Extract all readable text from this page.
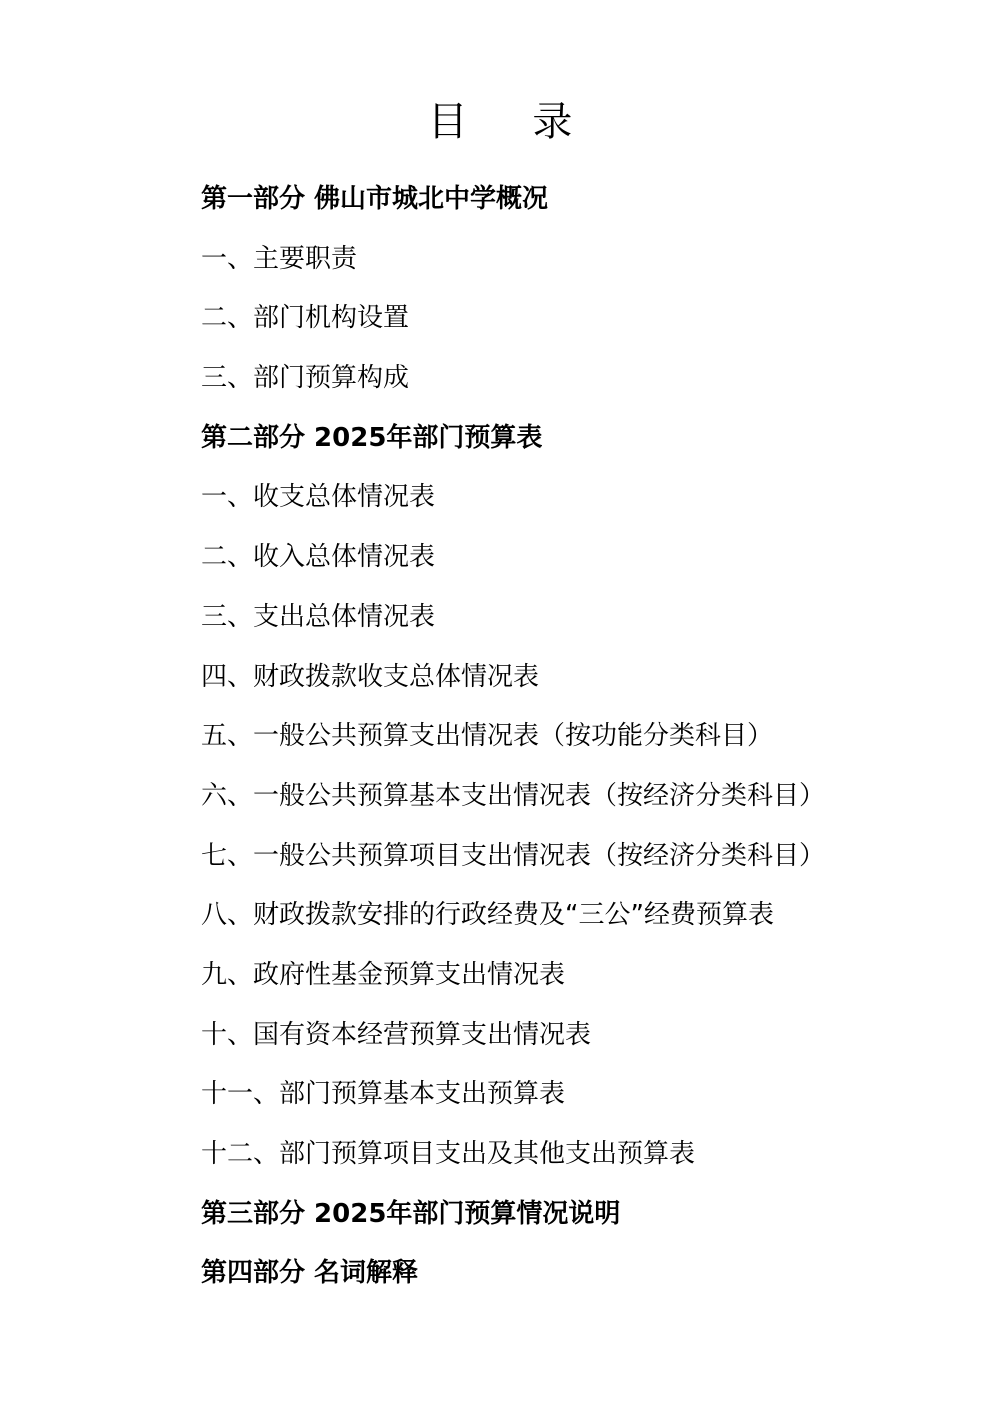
目 录
第一部分 佛山市城北中学概况
一、主要职责
二、部门机构设置
三、部门预算构成
第二部分 2025年部门预算表
一、收支总体情况表
二、收入总体情况表
三、支出总体情况表
四、财政拨款收支总体情况表
五、一般公共预算支出情况表（按功能分类科目）
六、一般公共预算基本支出情况表（按经济分类科目）
七、一般公共预算项目支出情况表（按经济分类科目）
八、财政拨款安排的行政经费及“三公”经费预算表
九、政府性基金预算支出情况表
十、国有资本经营预算支出情况表
十一、部门预算基本支出预算表
十二、部门预算项目支出及其他支出预算表
第三部分 2025年部门预算情况说明
第四部分 名词解释
